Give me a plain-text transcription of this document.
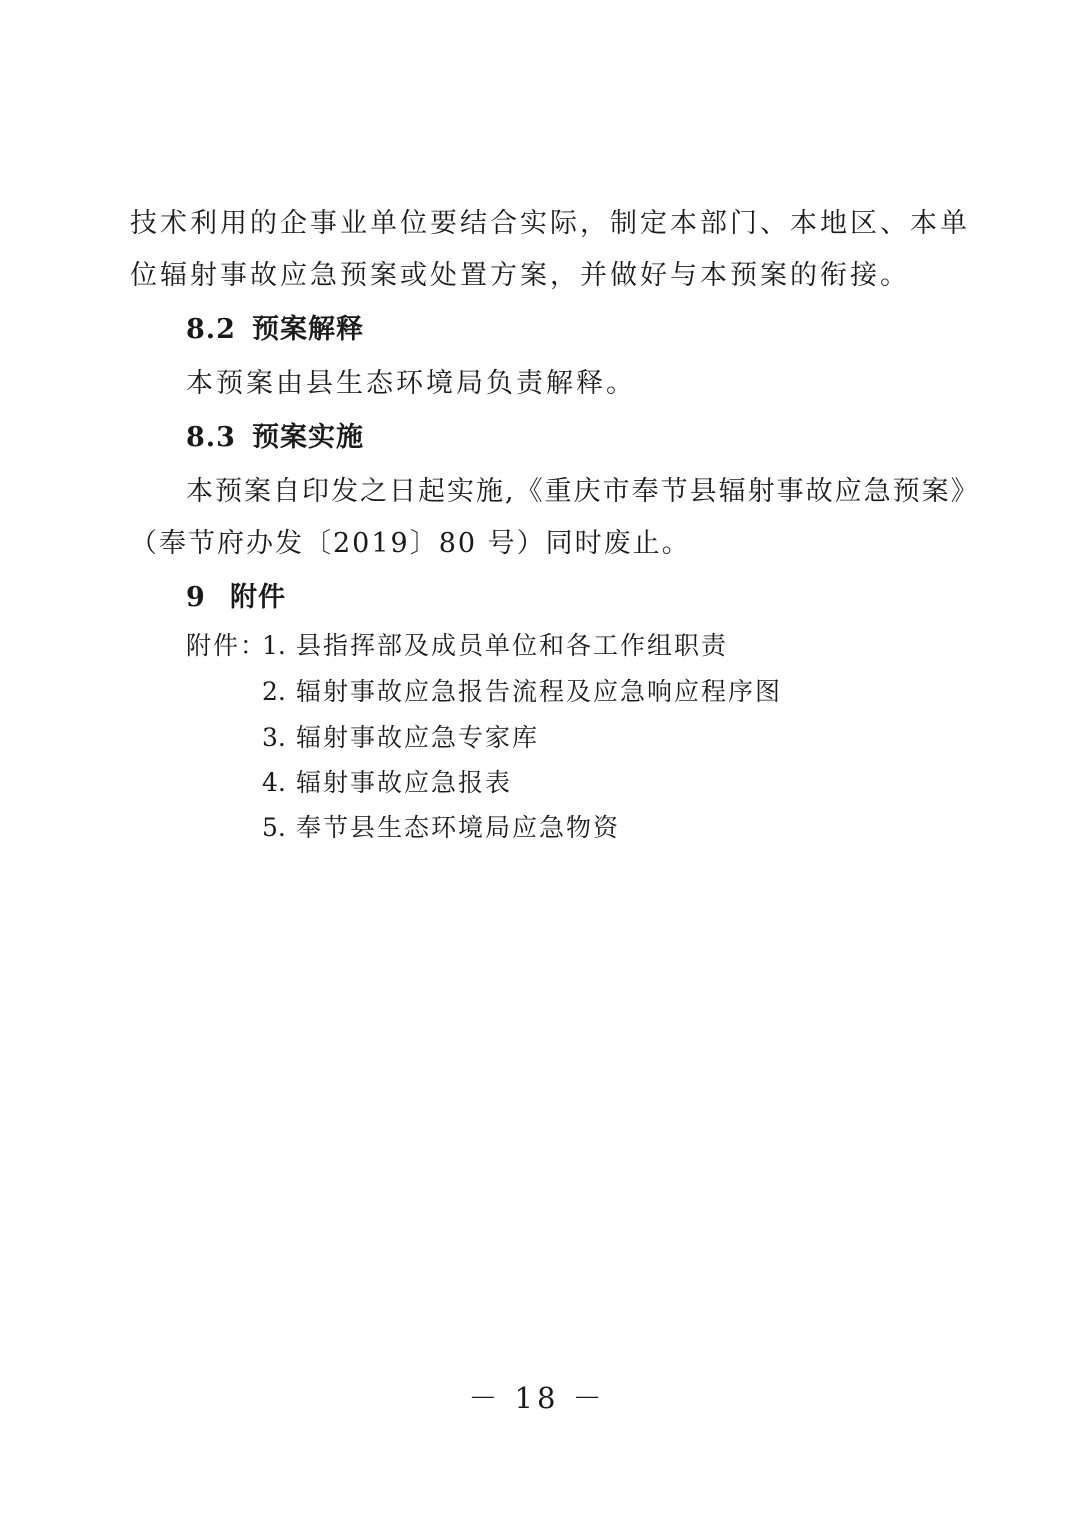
技术利用的企事业单位要结合实际，制定本部门、本地区、本单
位辐射事故应急预案或处置方案，并做好与本预案的衔接。
8.2 预案解释
本预案由县生态环境局负责解释。
8.3 预案实施
本预案自印发之日起实施,《重庆市奉节县辐射事故应急预案》
（奉节府办发〔2019〕80 号）同时废止。
9 附件
附件：
1. 县指挥部及成员单位和各工作组职责
2. 辐射事故应急报告流程及应急响应程序图
3. 辐射事故应急专家库
4. 辐射事故应急报表
5. 奉节县生态环境局应急物资
－ 18 －
